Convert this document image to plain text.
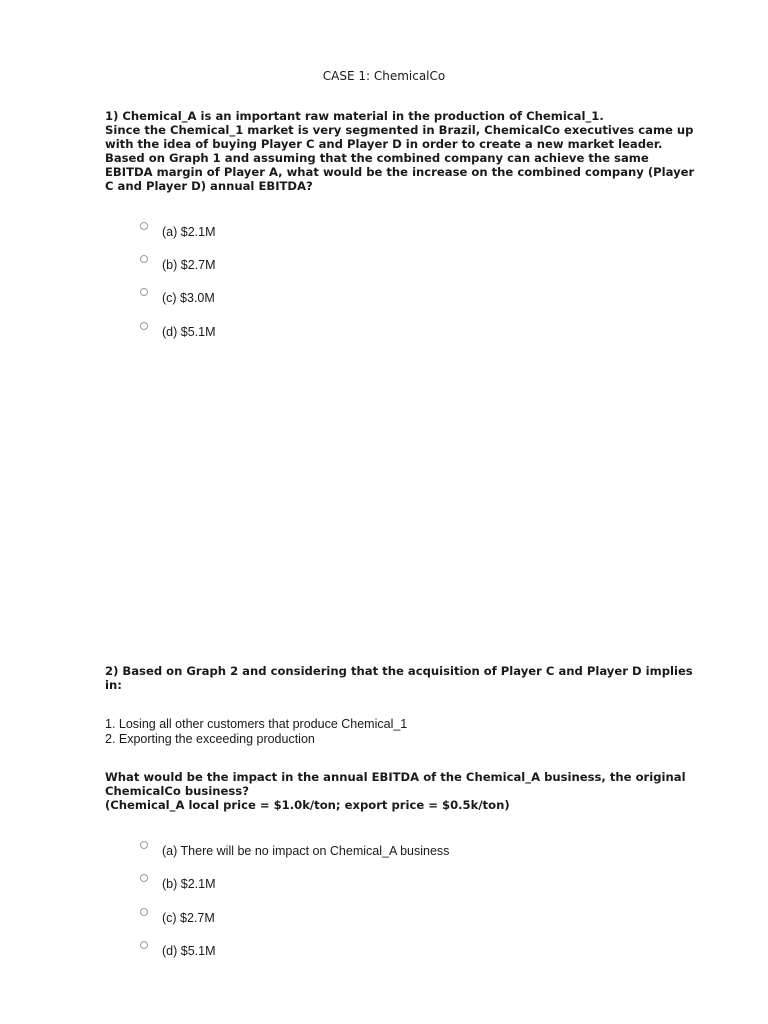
CASE 1: ChemicalCo
1) Chemical_A is an important raw material in the production of Chemical_1.
Since the Chemical_1 market is very segmented in Brazil, ChemicalCo executives came up
with the idea of buying Player C and Player D in order to create a new market leader.
Based on Graph 1 and assuming that the combined company can achieve the same
EBITDA margin of Player A, what would be the increase on the combined company (Player
C and Player D) annual EBITDA?
(a) $2.1M
(b) $2.7M
(c) $3.0M
(d) $5.1M
2) Based on Graph 2 and considering that the acquisition of Player C and Player D implies
in:
1. Losing all other customers that produce Chemical_1
2. Exporting the exceeding production
What would be the impact in the annual EBITDA of the Chemical_A business, the original
ChemicalCo business?
(Chemical_A local price = $1.0k/ton; export price = $0.5k/ton)
(a) There will be no impact on Chemical_A business
(b) $2.1M
(c) $2.7M
(d) $5.1M
